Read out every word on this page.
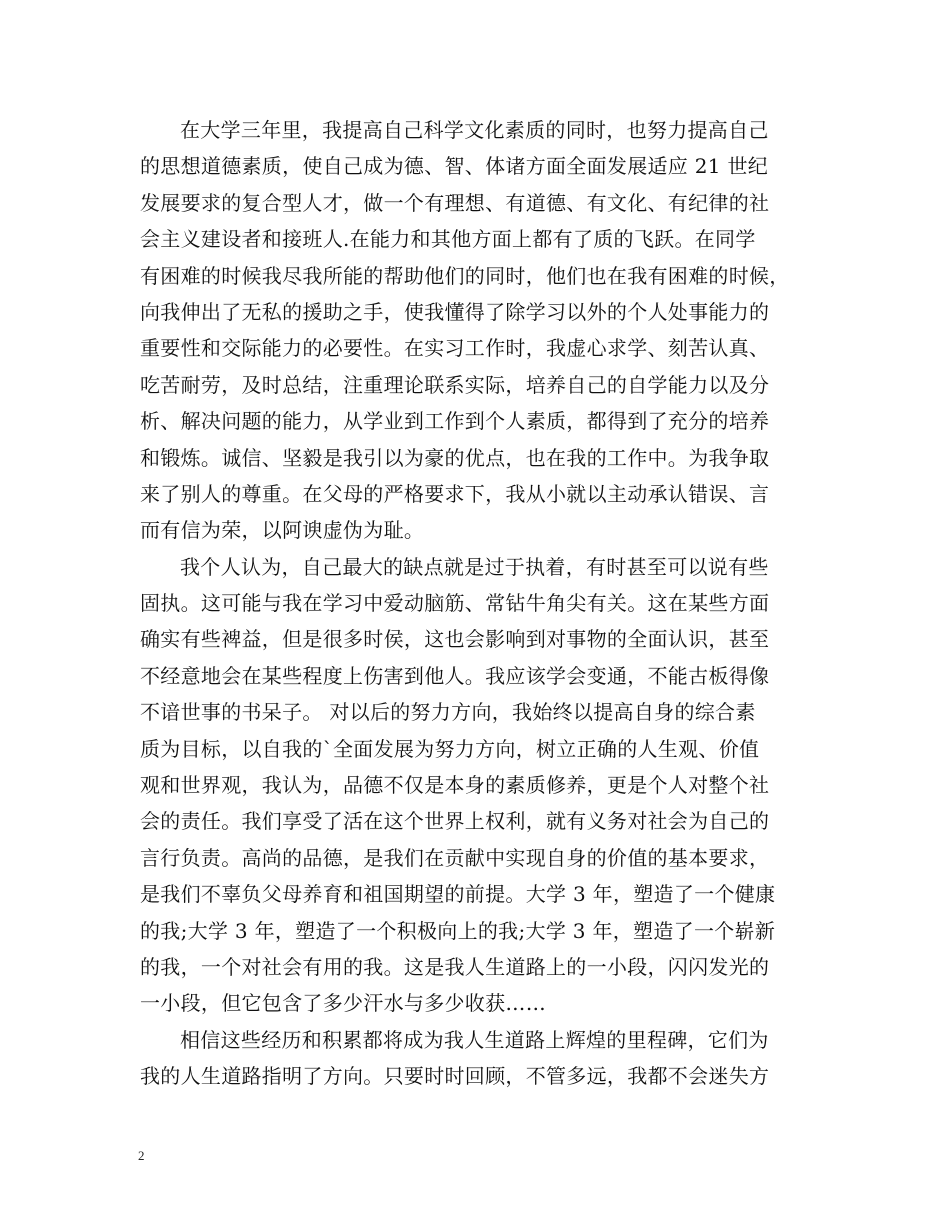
在大学三年里，我提高自己科学文化素质的同时，也努力提高自己
的思想道德素质，使自己成为德、智、体诸方面全面发展适应 21 世纪
发展要求的复合型人才，做一个有理想、有道德、有文化、有纪律的社
会主义建设者和接班人.在能力和其他方面上都有了质的飞跃。在同学
有困难的时候我尽我所能的帮助他们的同时，他们也在我有困难的时候，
向我伸出了无私的援助之手，使我懂得了除学习以外的个人处事能力的
重要性和交际能力的必要性。在实习工作时，我虚心求学、刻苦认真、
吃苦耐劳，及时总结，注重理论联系实际，培养自己的自学能力以及分
析、解决问题的能力，从学业到工作到个人素质，都得到了充分的培养
和锻炼。诚信、坚毅是我引以为豪的优点，也在我的工作中。为我争取
来了别人的尊重。在父母的严格要求下，我从小就以主动承认错误、言
而有信为荣，以阿谀虚伪为耻。
我个人认为，自己最大的缺点就是过于执着，有时甚至可以说有些
固执。这可能与我在学习中爱动脑筋、常钻牛角尖有关。这在某些方面
确实有些裨益，但是很多时侯，这也会影响到对事物的全面认识，甚至
不经意地会在某些程度上伤害到他人。我应该学会变通，不能古板得像
不谙世事的书呆子。 对以后的努力方向，我始终以提高自身的综合素
质为目标，以自我的`全面发展为努力方向，树立正确的人生观、价值
观和世界观，我认为，品德不仅是本身的素质修养，更是个人对整个社
会的责任。我们享受了活在这个世界上权利，就有义务对社会为自己的
言行负责。高尚的品德，是我们在贡献中实现自身的价值的基本要求，
是我们不辜负父母养育和祖国期望的前提。大学 3 年，塑造了一个健康
的我;大学 3 年，塑造了一个积极向上的我;大学 3 年，塑造了一个崭新
的我，一个对社会有用的我。这是我人生道路上的一小段，闪闪发光的
一小段，但它包含了多少汗水与多少收获……
相信这些经历和积累都将成为我人生道路上辉煌的里程碑，它们为
我的人生道路指明了方向。只要时时回顾，不管多远，我都不会迷失方
2
